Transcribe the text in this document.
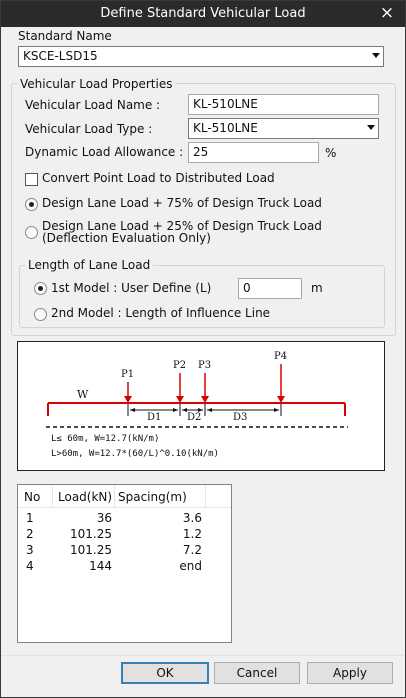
Define Standard Vehicular Load	×
Standard Name
KSCE-LSD15
Vehicular Load Properties
Vehicular Load Name :	KL-510LNE
Vehicular Load Type :	KL-510LNE
Dynamic Load Allowance : 25	%
Convert Point Load to Distributed Load
Design Lane Load + 75% of Design Truck Load
Design Lane Load + 25% of Design Truck Load
(Deflection Evaluation Only)
Length of Lane Load
1st Model : User Define (L)	0	m
2nd Model : Length of Influence Line
W
P1
P2 P3
P4
D1	D2	D3
L≤ 60m, W=12.7(kN/m)
L>60m, W=12.7*(60/L)^0.10(kN/m)
No Load(kN) Spacing(m)
1	36	3.6
2	101.25	1.2
3	101.25	7.2
4	144	end
OK	Cancel	Apply
